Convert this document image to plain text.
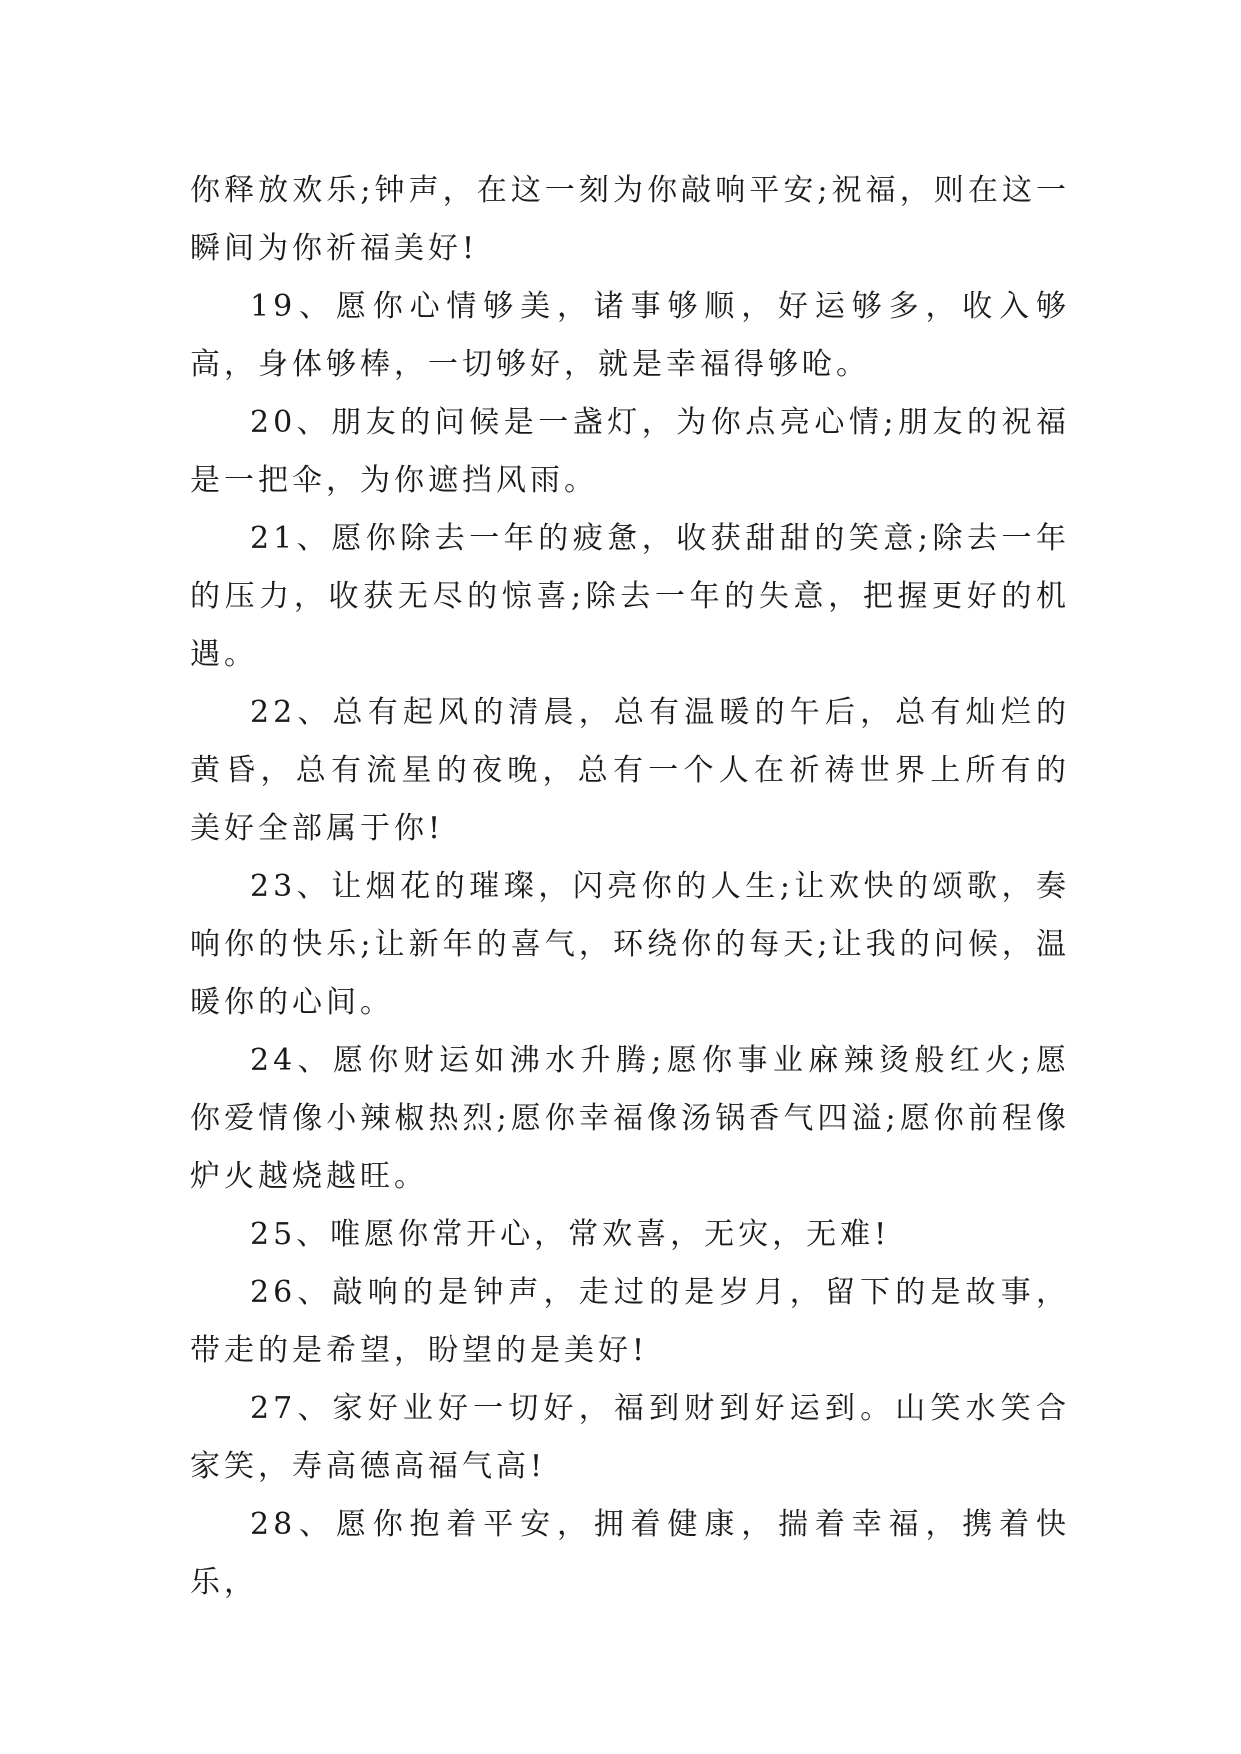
你释放欢乐;钟声，在这一刻为你敲响平安;祝福，则在这一瞬间为你祈福美好!

19、愿你心情够美，诸事够顺，好运够多，收入够高，身体够棒，一切够好，就是幸福得够呛。

20、朋友的问候是一盏灯，为你点亮心情;朋友的祝福是一把伞，为你遮挡风雨。

21、愿你除去一年的疲惫，收获甜甜的笑意;除去一年的压力，收获无尽的惊喜;除去一年的失意，把握更好的机遇。

22、总有起风的清晨，总有温暖的午后，总有灿烂的黄昏，总有流星的夜晚，总有一个人在祈祷世界上所有的美好全部属于你!

23、让烟花的璀璨，闪亮你的人生;让欢快的颂歌，奏响你的快乐;让新年的喜气，环绕你的每天;让我的问候，温暖你的心间。

24、愿你财运如沸水升腾;愿你事业麻辣烫般红火;愿你爱情像小辣椒热烈;愿你幸福像汤锅香气四溢;愿你前程像炉火越烧越旺。

25、唯愿你常开心，常欢喜，无灾，无难!

26、敲响的是钟声，走过的是岁月，留下的是故事，带走的是希望，盼望的是美好!

27、家好业好一切好，福到财到好运到。山笑水笑合家笑，寿高德高福气高!

28、愿你抱着平安，拥着健康，揣着幸福，携着快乐，
